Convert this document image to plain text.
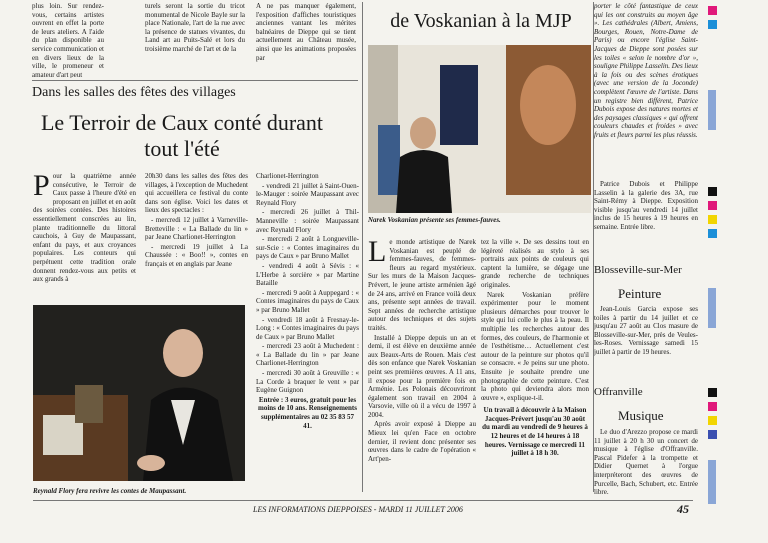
plus loin. Sur rendez-vous, certains artistes ouvrent en effet la porte de leurs ateliers. A l'aide du plan disponible au service communication et en divers lieux de la ville, le promeneur et amateur d'art peut

turels seront la sortie du tricot monumental de Nicole Bayle sur la place Nationale, l'art de la rue avec la présence de statues vivantes, du Land art au Puits-Salé et lors du troisième marché de l'art et de la

A ne pas manquer également, l'exposition d'affiches touristiques anciennes vantant les mérites balnéaires de Dieppe qui se tient actuellement au Château musée, ainsi que les animations proposées par

de Voskanian à la MJP

porter le côté fantastique de ceux qui les ont construits au moyen âge ». Les cathédrales (Albert, Amiens, Bourges, Rouen, Notre-Dame de Paris) ou encore l'église Saint-Jacques de Dieppe sont posées sur les toiles « selon le nombre d'or », souligne Philippe Lasselin. Des lieux à la fois ou des scènes érotiques (avec une version de la Joconde) complètent l'œuvre de l'artiste. Dans un registre bien différent, Patrice Dubois expose des natures mortes et des paysages classiques « qui offrent couleurs chaudes et froides » avec fruits et fleurs parmi les plus réussis.

Dans les salles des fêtes des villages
Le Terroir de Caux conté durant tout l'été
P our la quatrième année consécutive, le Terroir de Caux passe à l'heure d'été en proposant en juillet et en août des soirées contées. Des histoires essentiellement conscrées au lin, plante traditionnelle du littoral cauchois, à Guy de Maupassant, enfant du pays, et aux croyances populaires. Les conteurs qui perpétuent cette tradition orale donnent rendez-vous aux petits et aux grands à

20h30 dans les salles des fêtes des villages, à l'exception de Muchedent qui accueillera ce festival du conte dans son église. Voici les dates et lieux des spectacles :

- mercredi 12 juillet à Varneville-Bretteville : « La Ballade du lin » par Jeane Charlionet-Herrington

- mercredi 19 juillet à La Chaussée : « Boo!! », contes en français et en anglais par Jeane

Charlionet-Herrington

- vendredi 21 juillet à Saint-Ouen-le-Mauger : soirée Maupassant avec Reynald Flory

- mercredi 26 juillet à Thil-Manneville : soirée Maupassant avec Reynald Flory

- mercredi 2 août à Longueville-sur-Scie : « Contes imaginaires du pays de Caux » par Bruno Mallet

- vendredi 4 août à Sévis : « L'Herbe à sorcière » par Martine Bataille

- mercredi 9 août à Auppegard : « Contes imaginaires du pays de Caux » par Bruno Mallet

- vendredi 18 août à Fresnay-le-Long : « Contes imaginaires du pays de Caux » par Bruno Mallet

- mercredi 23 août à Muchedent : « La Ballade du lin » par Jeane Charlionet-Herrington

- mercredi 30 août à Greuville : « La Corde à braquer le vent » par Eugène Guignon

Entrée : 3 euros, gratuit pour les moins de 10 ans. Renseignements supplémentaires au 02 35 83 57 41.

Reynald Flory fera revivre les contes de Maupassant.
Narek Voskanian présente ses femmes-fauves.
L e monde artistique de Narek Voskanian est peuplé de femmes-fauves, de femmes-fleurs au regard mystérieux. Sur les murs de la Maison Jacques-Prévert, le jeune artiste arménien âgé de 24 ans, arrivé en France voilà deux ans, présente sept années de travail. Sept années de recherche artistique autour des techniques et des sujets traités.

Installé à Dieppe depuis un an et demi, il est élève en deuxième année aux Beaux-Arts de Rouen. Mais c'est dès son enfance que Narek Voskanian peint ses premières œuvres. A 11 ans, il expose pour la première fois en Arménie. Les Polonais découvriront également son travail en 2004 à Varsovie, ville où il a vécu de 1997 à 2004.

Après avoir exposé à Dieppe au Mieux lei qu'en Face en octobre dernier, il revient donc présenter ses œuvres dans le cadre de l'opération « Art'pen-

tez la ville ». De ses dessins tout en légèreté réalisés au stylo à ses portraits aux points de couleurs qui captent la lumière, se dégage une grande recherche de techniques originales.

Narek Voskanian préfère expérimenter pour le moment plusieurs démarches pour trouver le style qui lui colle le plus à la peau. Il multiplie les recherches autour des formes, des couleurs, de l'harmonie et de l'esthétisme… Actuellement c'est autour de la peinture sur photos qu'il se consacre. « Je peins sur une photo. Ensuite je souhaite prendre une photographie de cette peinture. C'est la photo qui deviendra alors mon œuvre », explique-t-il.

Un travail à découvrir à la Maison Jacques-Prévert jusqu'au 30 août du mardi au vendredi de 9 heures à 12 heures et de 14 heures à 18 heures. Vernissage ce mercredi 11 juillet à 18 h 30.

Patrice Dubois et Philippe Lasselin à la galerie des 3A, rue Saint-Rémy à Dieppe. Exposition visible jusqu'au vendredi 14 juillet inclus de 15 heures à 19 heures en semaine. Entrée libre.

Blosseville-sur-Mer
Peinture

Jean-Louis Garcia expose ses toiles à partir du 14 juillet et ce jusqu'au 27 août au Clos masure de Blosseville-sur-Mer, près de Veules-les-Roses. Vernissage samedi 15 juillet à partir de 19 heures.

Offranville
Musique

Le duo d'Arezzo propose ce mardi 11 juillet à 20 h 30 un concert de musique à l'église d'Offranville. Pascal Pidefer à la trompette et Didier Quernet à l'orgue interpréteront des œuvres de Purcelle, Bach, Schubert, etc. Entrée libre.

LES INFORMATIONS DIEPPOISES - MARDI 11 JUILLET 2006	45
